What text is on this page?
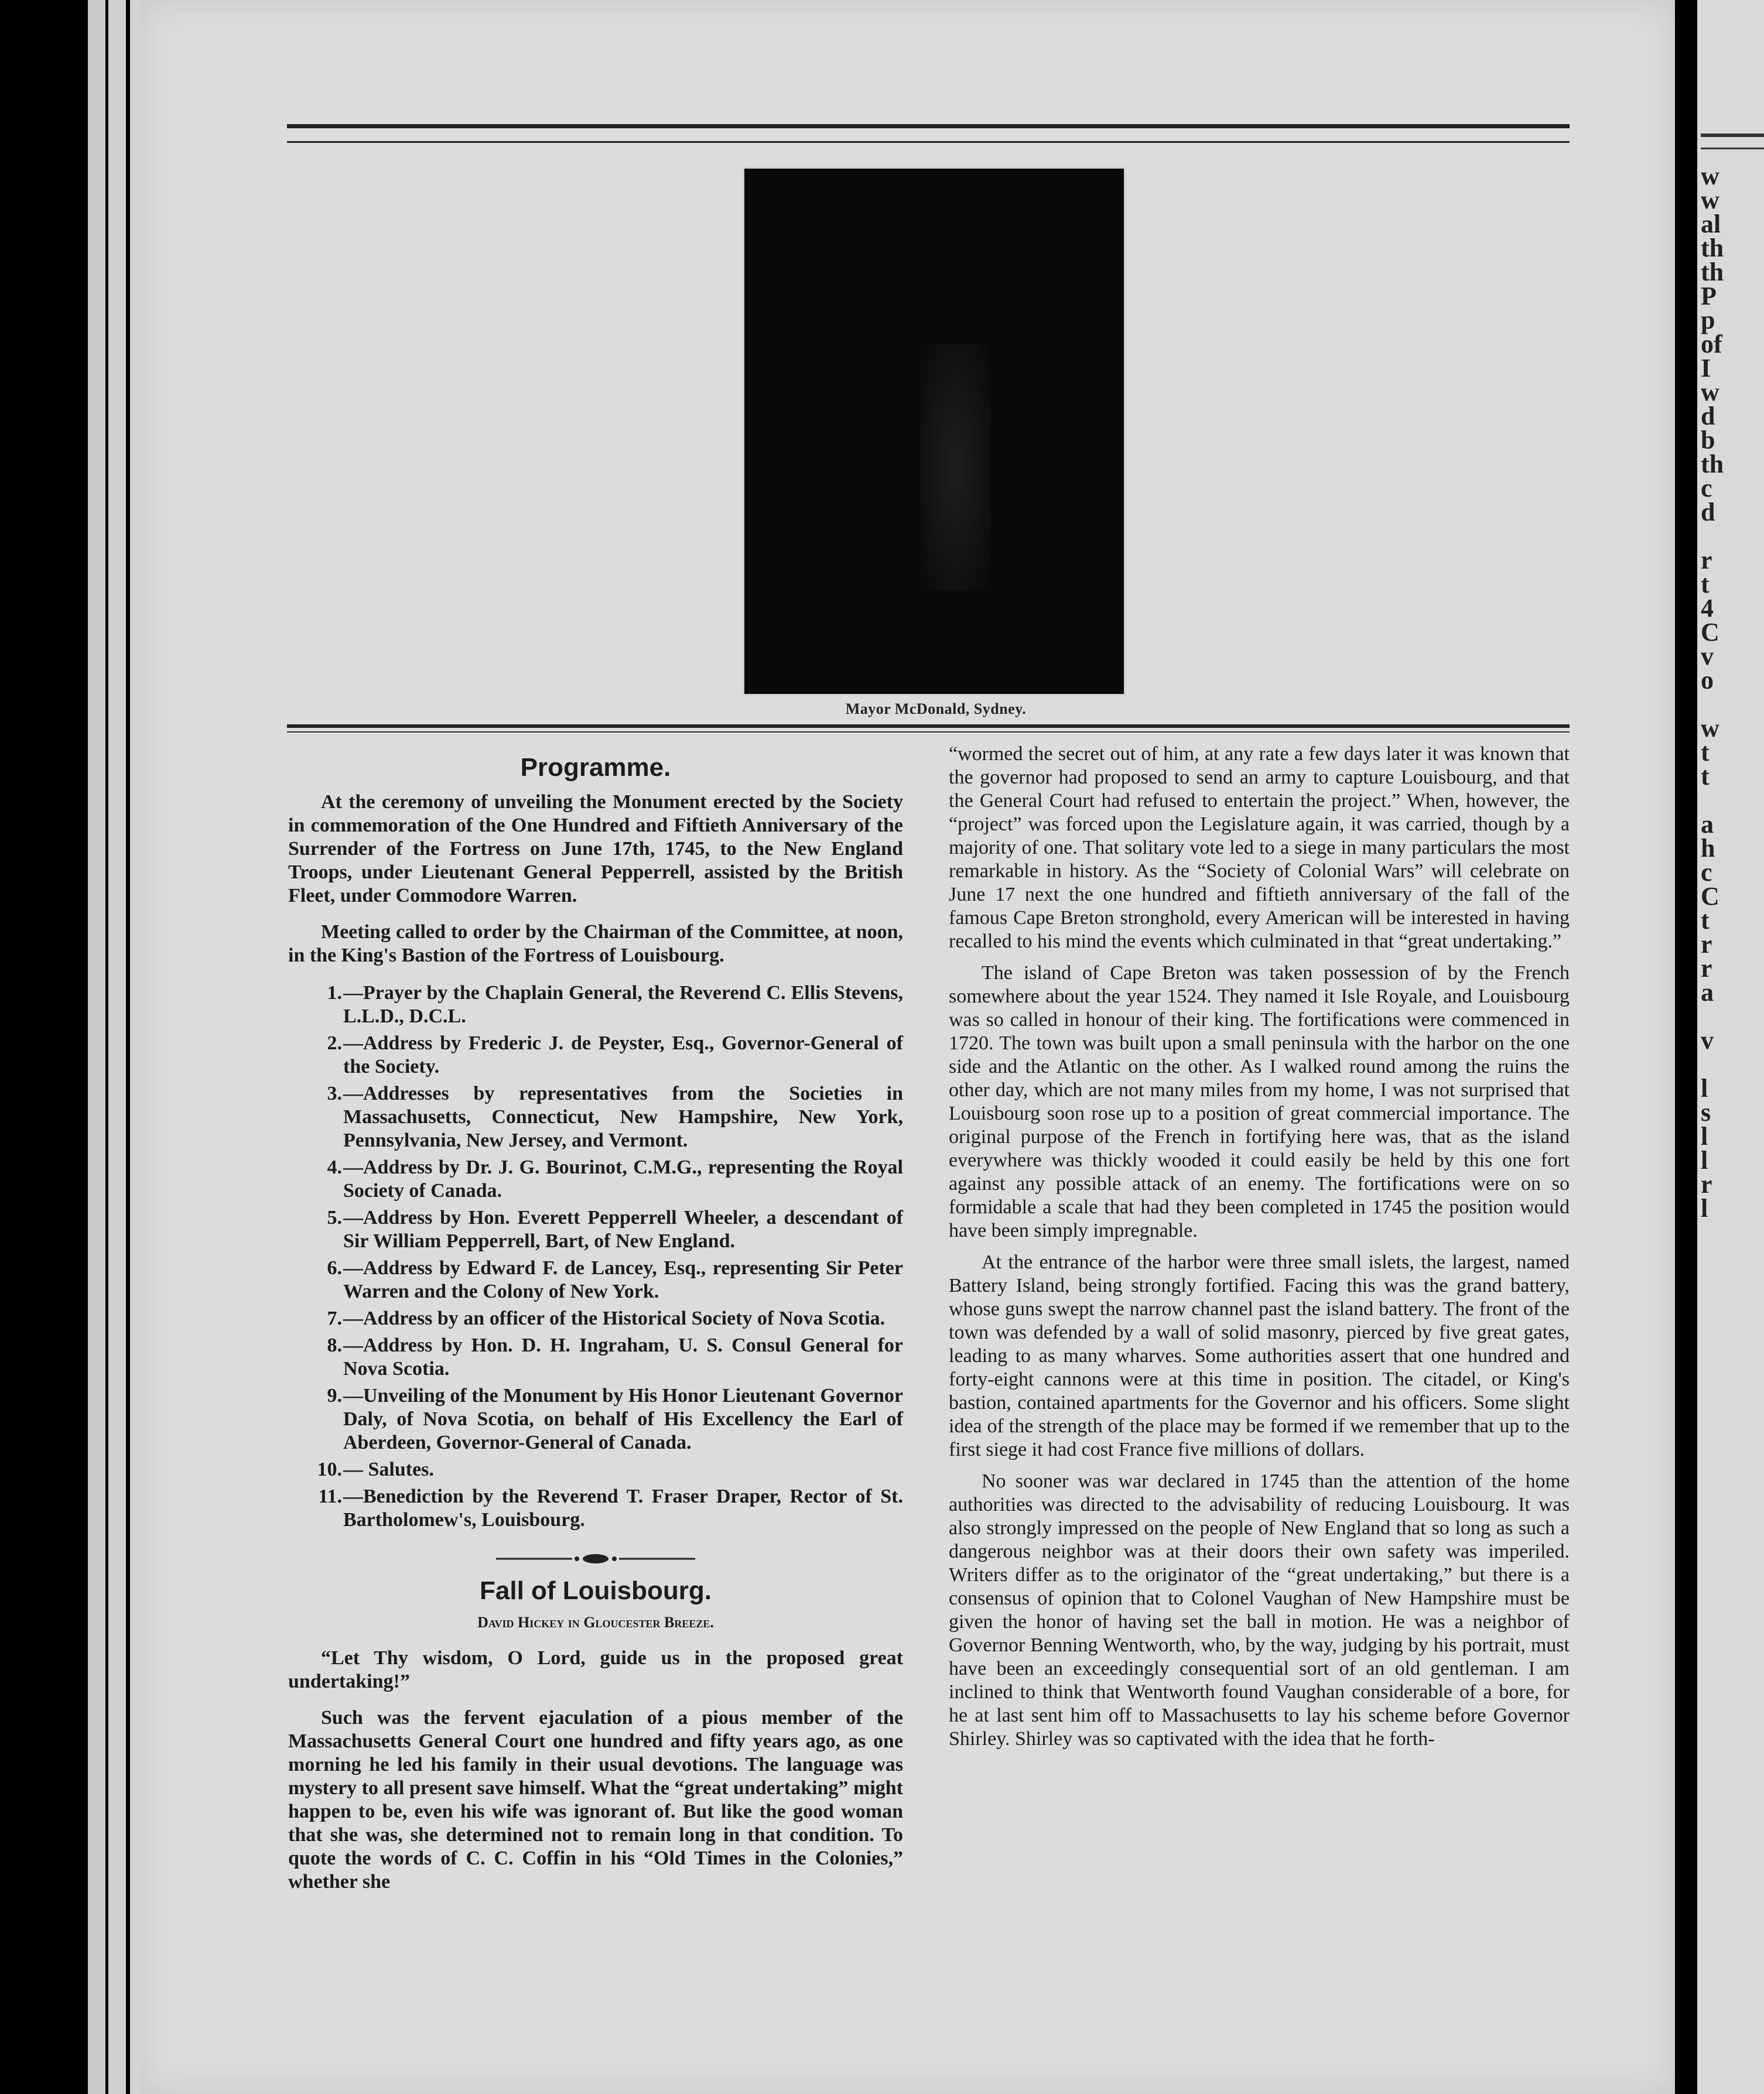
w
w
al
th
th
P
p
of
I
w
d
b
th
c
d
r
t
4
C
v
o
w
t
t
a
h
c
C
t
r
r
a
v
l
s
l
l
r
l
Mayor McDonald, Sydney.
Programme.

At the ceremony of unveiling the Monument erected by the Society in commemoration of the One Hundred and Fiftieth Anniversary of the Surrender of the Fortress on June 17th, 1745, to the New England Troops, under Lieutenant General Pepperrell, assisted by the British Fleet, under Commodore Warren.

Meeting called to order by the Chairman of the Committee, at noon, in the King's Bastion of the Fortress of Louisbourg.

1. —Prayer by the Chaplain General, the Reverend C. Ellis Stevens, L.L.D., D.C.L.
2. —Address by Frederic J. de Peyster, Esq., Governor-General of the Society.
3. —Addresses by representatives from the Societies in Massachusetts, Connecticut, New Hampshire, New York, Pennsylvania, New Jersey, and Vermont.
4. —Address by Dr. J. G. Bourinot, C.M.G., representing the Royal Society of Canada.
5. —Address by Hon. Everett Pepperrell Wheeler, a descendant of Sir William Pepperrell, Bart, of New England.
6. —Address by Edward F. de Lancey, Esq., representing Sir Peter Warren and the Colony of New York.
7. —Address by an officer of the Historical Society of Nova Scotia.
8. —Address by Hon. D. H. Ingraham, U. S. Consul General for Nova Scotia.
9. —Unveiling of the Monument by His Honor Lieutenant Governor Daly, of Nova Scotia, on behalf of His Excellency the Earl of Aberdeen, Governor-General of Canada.
10. — Salutes.
11. —Benediction by the Reverend T. Fraser Draper, Rector of St. Bartholomew's, Louisbourg.
Fall of Louisbourg.
David Hickey in Gloucester Breeze.

“Let Thy wisdom, O Lord, guide us in the proposed great undertaking!”

Such was the fervent ejaculation of a pious member of the Massachusetts General Court one hundred and fifty years ago, as one morning he led his family in their usual devotions. The language was mystery to all present save himself. What the “great undertaking” might happen to be, even his wife was ignorant of. But like the good woman that she was, she determined not to remain long in that condition. To quote the words of C. C. Coffin in his “Old Times in the Colonies,” whether she

“wormed the secret out of him, at any rate a few days later it was known that the governor had proposed to send an army to capture Louisbourg, and that the General Court had refused to entertain the project.” When, however, the “project” was forced upon the Legislature again, it was carried, though by a majority of one. That solitary vote led to a siege in many particulars the most remarkable in history. As the “Society of Colonial Wars” will celebrate on June 17 next the one hundred and fiftieth anniversary of the fall of the famous Cape Breton stronghold, every American will be interested in having recalled to his mind the events which culminated in that “great undertaking.”

The island of Cape Breton was taken possession of by the French somewhere about the year 1524. They named it Isle Royale, and Louisbourg was so called in honour of their king. The fortifications were commenced in 1720. The town was built upon a small peninsula with the harbor on the one side and the Atlantic on the other. As I walked round among the ruins the other day, which are not many miles from my home, I was not surprised that Louisbourg soon rose up to a position of great commercial importance. The original purpose of the French in fortifying here was, that as the island everywhere was thickly wooded it could easily be held by this one fort against any possible attack of an enemy. The fortifications were on so formidable a scale that had they been completed in 1745 the position would have been simply impregnable.

At the entrance of the harbor were three small islets, the largest, named Battery Island, being strongly fortified. Facing this was the grand battery, whose guns swept the narrow channel past the island battery. The front of the town was defended by a wall of solid masonry, pierced by five great gates, leading to as many wharves. Some authorities assert that one hundred and forty-eight cannons were at this time in position. The citadel, or King's bastion, contained apartments for the Governor and his officers. Some slight idea of the strength of the place may be formed if we remember that up to the first siege it had cost France five millions of dollars.

No sooner was war declared in 1745 than the attention of the home authorities was directed to the advisability of reducing Louisbourg. It was also strongly impressed on the people of New England that so long as such a dangerous neighbor was at their doors their own safety was imperiled. Writers differ as to the originator of the “great undertaking,” but there is a consensus of opinion that to Colonel Vaughan of New Hampshire must be given the honor of having set the ball in motion. He was a neighbor of Governor Benning Wentworth, who, by the way, judging by his portrait, must have been an exceedingly consequential sort of an old gentleman. I am inclined to think that Wentworth found Vaughan considerable of a bore, for he at last sent him off to Massachusetts to lay his scheme before Governor Shirley. Shirley was so captivated with the idea that he forth-
